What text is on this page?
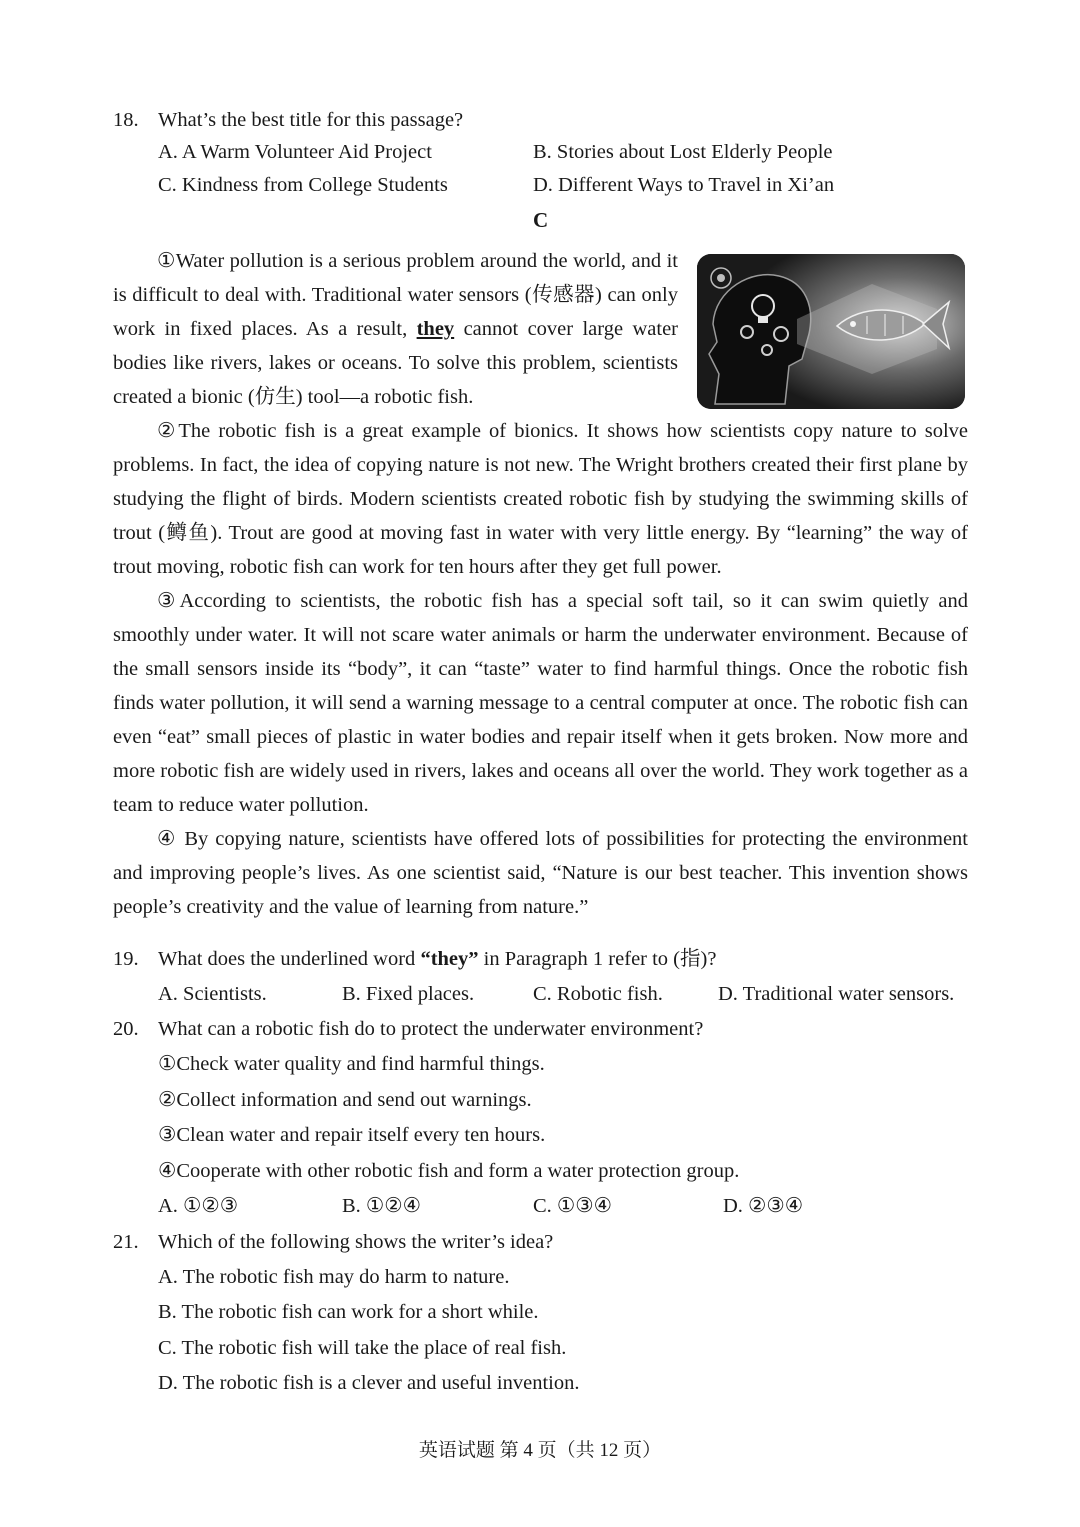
18. What’s the best title for this passage?
A. A Warm Volunteer Aid Project	B. Stories about Lost Elderly People
C. Kindness from College Students	D. Different Ways to Travel in Xi’an
C

①Water pollution is a serious problem around the world, and it is difficult to deal with. Traditional water sensors (传感器) can only work in fixed places. As a result, they cannot cover large water bodies like rivers, lakes or oceans. To solve this problem, scientists created a bionic (仿生) tool—a robotic fish.

②The robotic fish is a great example of bionics. It shows how scientists copy nature to solve problems. In fact, the idea of copying nature is not new. The Wright brothers created their first plane by studying the flight of birds. Modern scientists created robotic fish by studying the swimming skills of trout (鳟鱼). Trout are good at moving fast in water with very little energy. By “learning” the way of trout moving, robotic fish can work for ten hours after they get full power.

③According to scientists, the robotic fish has a special soft tail, so it can swim quietly and smoothly under water. It will not scare water animals or harm the underwater environment. Because of the small sensors inside its “body”, it can “taste” water to find harmful things. Once the robotic fish finds water pollution, it will send a warning message to a central computer at once. The robotic fish can even “eat” small pieces of plastic in water bodies and repair itself when it gets broken. Now more and more robotic fish are widely used in rivers, lakes and oceans all over the world. They work together as a team to reduce water pollution.

④ By copying nature, scientists have offered lots of possibilities for protecting the environment and improving people’s lives. As one scientist said, “Nature is our best teacher. This invention shows people’s creativity and the value of learning from nature.”

19. What does the underlined word “they” in Paragraph 1 refer to (指)?
A. Scientists.	B. Fixed places.	C. Robotic fish.	D. Traditional water sensors.
20. What can a robotic fish do to protect the underwater environment?
①Check water quality and find harmful things.
②Collect information and send out warnings.
③Clean water and repair itself every ten hours.
④Cooperate with other robotic fish and form a water protection group.
A. ①②③	B. ①②④	C. ①③④	D. ②③④
21. Which of the following shows the writer’s idea?
A. The robotic fish may do harm to nature.
B. The robotic fish can work for a short while.
C. The robotic fish will take the place of real fish.
D. The robotic fish is a clever and useful invention.
英语试题 第 4 页（共 12 页）
